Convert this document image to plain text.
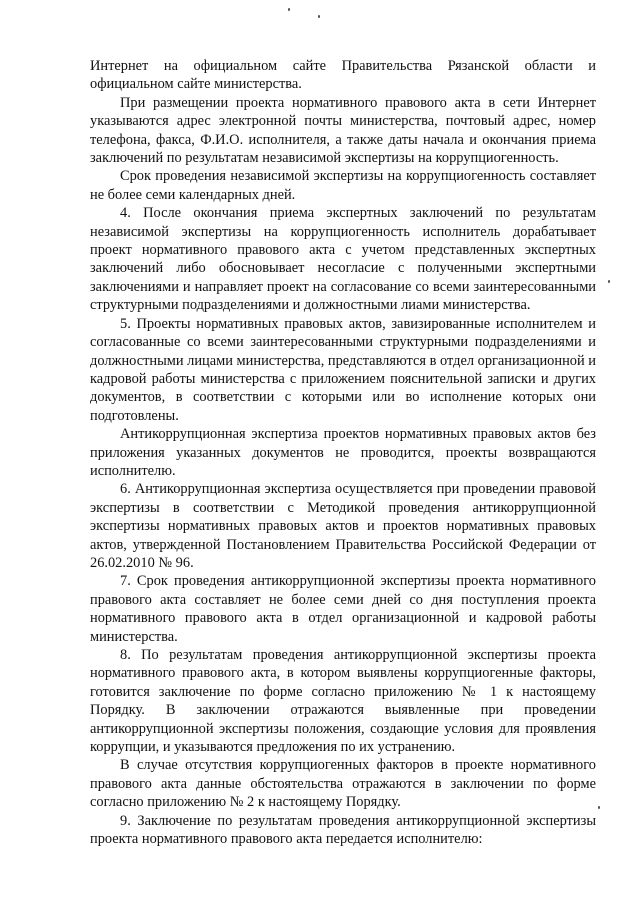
Интернет на официальном сайте Правительства Рязанской области и официальном сайте министерства.

При размещении проекта нормативного правового акта в сети Интернет указываются адрес электронной почты министерства, почтовый адрес, номер телефона, факса, Ф.И.О. исполнителя, а также даты начала и окончания приема заключений по результатам независимой экспертизы на коррупциогенность.

Срок проведения независимой экспертизы на коррупциогенность составляет не более семи календарных дней.

4. После окончания приема экспертных заключений по результатам независимой экспертизы на коррупциогенность исполнитель дорабатывает проект нормативного правового акта с учетом представленных экспертных заключений либо обосновывает несогласие с полученными экспертными заключениями и направляет проект на согласование со всеми заинтересованными структурными подразделениями и должностными лиами министерства.

5. Проекты нормативных правовых актов, завизированные исполнителем и согласованные со всеми заинтересованными структурными подразделениями и должностными лицами министерства, представляются в отдел организационной и кадровой работы министерства с приложением пояснительной записки и других документов, в соответствии с которыми или во исполнение которых они подготовлены.

Антикоррупционная экспертиза проектов нормативных правовых актов без приложения указанных документов не проводится, проекты возвращаются исполнителю.

6. Антикоррупционная экспертиза осуществляется при проведении правовой экспертизы в соответствии с Методикой проведения антикоррупционной экспертизы нормативных правовых актов и проектов нормативных правовых актов, утвержденной Постановлением Правительства Российской Федерации от 26.02.2010 № 96.

7. Срок проведения антикоррупционной экспертизы проекта нормативного правового акта составляет не более семи дней со дня поступления проекта нормативного правового акта в отдел организационной и кадровой работы министерства.

8. По результатам проведения антикоррупционной экспертизы проекта нормативного правового акта, в котором выявлены коррупциогенные факторы, готовится заключение по форме согласно приложению № 1 к настоящему Порядку. В заключении отражаются выявленные при проведении антикоррупционной экспертизы положения, создающие условия для проявления коррупции, и указываются предложения по их устранению.

В случае отсутствия коррупциогенных факторов в проекте нормативного правового акта данные обстоятельства отражаются в заключении по форме согласно приложению № 2 к настоящему Порядку.

9. Заключение по результатам проведения антикоррупционной экспертизы проекта нормативного правового акта передается исполнителю:
